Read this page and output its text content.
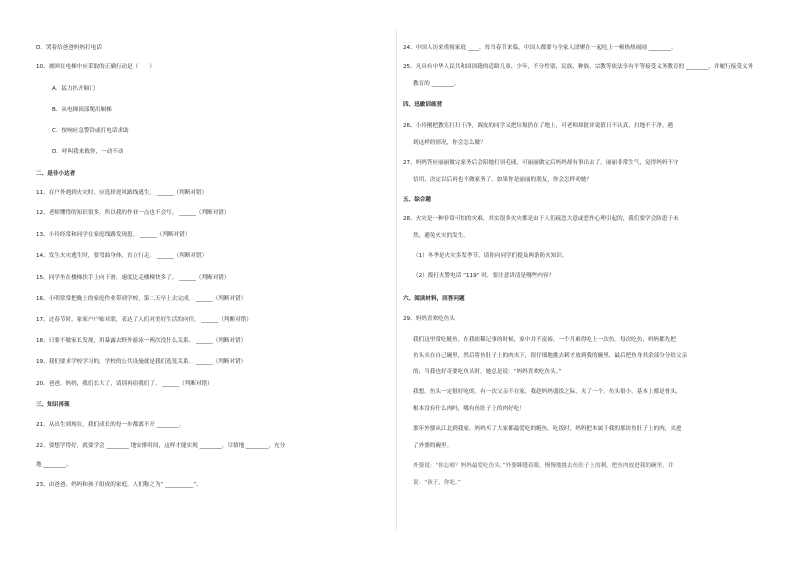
D．哭着给爸爸妈妈打电话
10、被困在电梯中应采取的正确行动是（　　）
A．猛力扒开厢门
B．从电梯顶部爬出厢梯
C．按响应急警铃或打电话求助
D．呼叫我来救你，一动不动
二、是非小达者
11、在户外遇到火灾时，应选择逆风路线逃生。 ______（判断对错）
12、老师懂得的知识很多，所以我的作业一点也不会写。 ______（判断对错）
13、小玲经常和同学在家庭线路发现患。 ______（判断对错）
14、发生火灾逃生时，要弯曲身体，直立行走。 ______（判断对错）
15、同学坐在楼梯扶手上向下滑，速度比走楼梯快多了。 ______（判断对错）
16、小明常常把晚上的家庭作业带到学校，第二天早上去完成。 ______（判断对错）
17、过春节时，家家户户贴对联，表达了人们对美好生活的向往。 ______（判断对错）
18、只要不做家长发现，用暴露去野外游泳一两次没什么关系。 ______（判断对错）
19、我们要求学校学习的，学校的公共设施就是我们选笼关系。 ______（判断对错）
20、爸爸、妈妈，我们长大了，请别再宿我们了。 ______（判断对错）
三、知识再现
21、从出生到现在，我们成长的每一步都离不开 ________。
22、要想学得好，就要学会 ________ 地安排时间，这样才能实现 ________，尽情地 ________，充分
地 ________。
23、由爸爸、妈妈和孩子组成的家庭，人们称之为“ __________”。
24、中国人历来重视家庭 ____，每当春节来临，中国人都要与全家人团聚在一起吃上一顿热热闹闹 ________。
25、凡具有中华人民共和国国籍的适龄儿童、少年，不分性别、民族、种族、宗教等依法享有平等接受义务教育的 ________，并履行接受义务
教育的 ________。
四、迅敏训练营
26、小玲刚把教室打扫干净，调皮的同学又把垃圾扔在了地上，可老师却批评说值日不认真，扫地不干净。遇
到这样的情况，你会怎么做？
27、妈妈答应丽丽做完家务后会陪她打羽毛球，可丽丽做完后妈妈却有事出去了。丽丽非常生气，觉得妈妈不守
信用，决定以后再也不做家务了。如果你是丽丽的朋友，你会怎样劝她？
五、综合题
28、火灾是一种非常可怕的灾难，其实很多火灾都是由于人们疏忽大意或恶作心理引起的，我们要学会防患于未
然，避免火灾的发生。
（1）冬季是火灾多发季节，请你向同学们提及两条防火知识。
（2）拨打火警电话 “119” 时，要注意讲清是哪些内容？
六、阅读材料，回答问题
29、妈妈喜欢吃鱼头
我们这里常吃鲢鱼。在我依稀记事的时候，家中并不富裕，一个月难得吃上一次鱼。每次吃鱼，妈妈都先把
鱼头夹在自己碗里，然后将鱼肚子上的肉夹下，很仔细地挑去刺才放到我的碗里，最后把鱼身其余部分分给父亲
的，当我也好奇要吃鱼头时，她总是说：“妈妈喜欢吃鱼头。”
我想，鱼头一定很好吃的。有一次父亲不在家，我趁妈妈盛饭之际，夹了一个。鱼头很小，基本上都是骨头，
根本没有什么肉吗，哪有鱼肚子上的肉好吃！
那年外婆从江北到我家，妈妈买了大家都最爱吃的鲢鱼。吃饭时，妈妈把本属于我的那块鱼肚子上的肉，夹进
了外婆的碗里。
外婆说：“你忘啦？妈妈最爱吃鱼头。”外婆眯缝着眼，慢慢地挑去鱼肚子上的刺，把鱼肉放进我的碗里，并
说：“孩子，你吃。”
